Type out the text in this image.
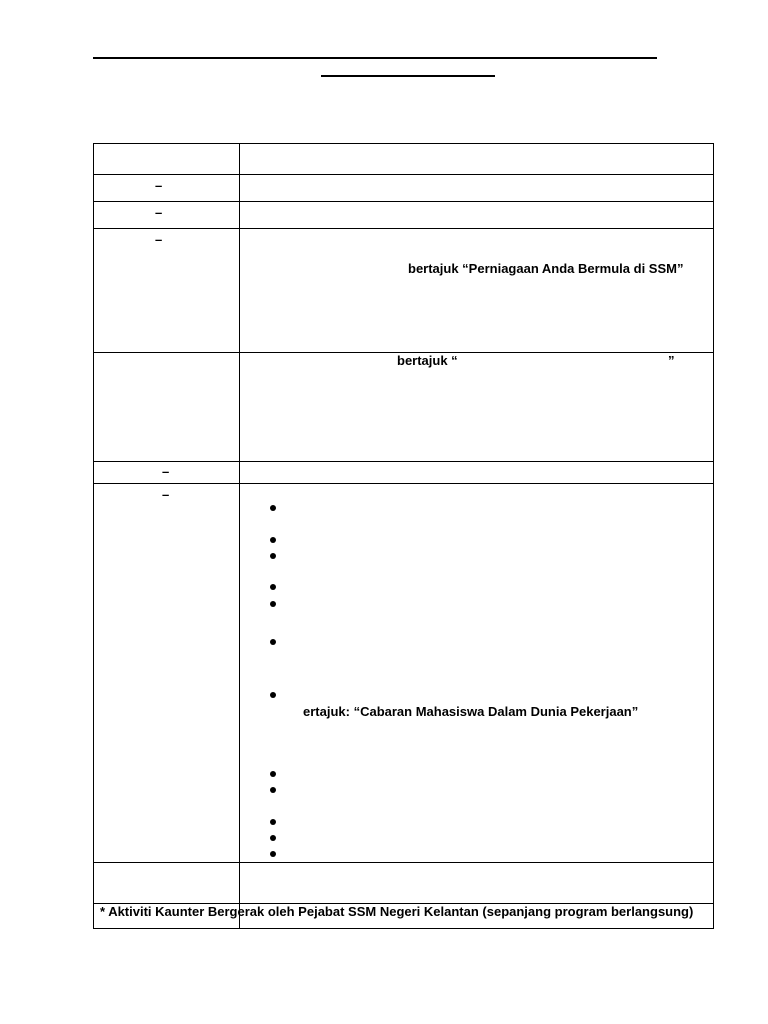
–
–
–
–
–
bertajuk “Perniagaan Anda Bermula di SSM”
bertajuk “	”
ertajuk: “Cabaran Mahasiswa Dalam Dunia Pekerjaan”
* Aktiviti Kaunter Bergerak oleh Pejabat SSM Negeri Kelantan (sepanjang program berlangsung)
